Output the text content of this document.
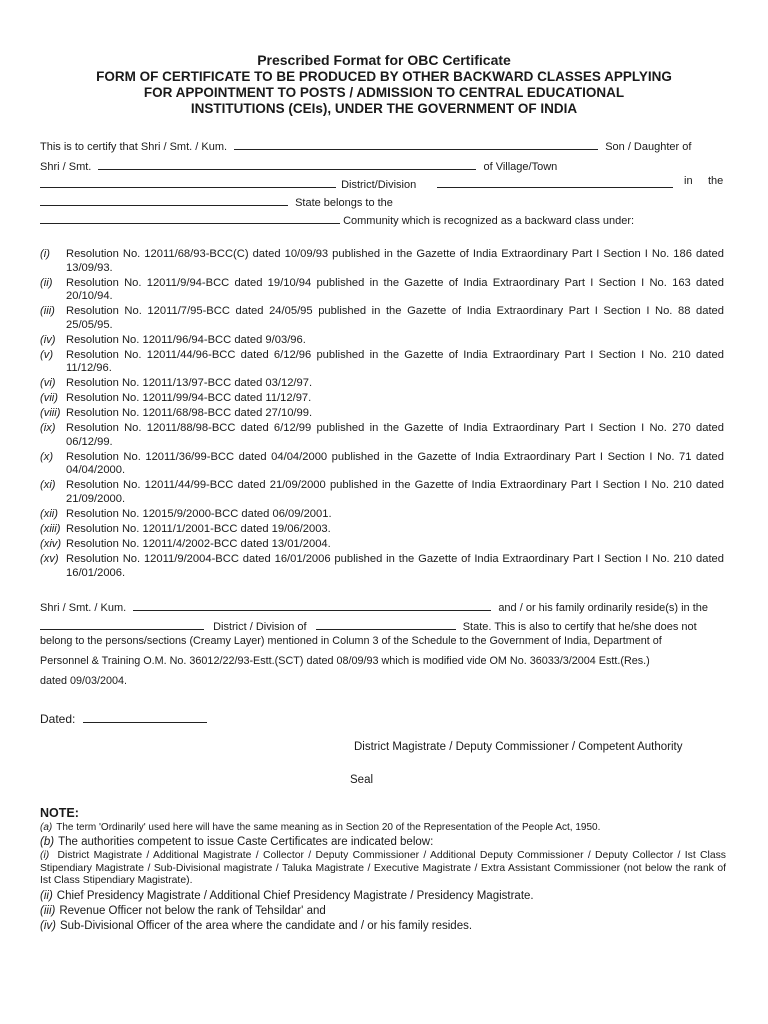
Prescribed Format for OBC Certificate
FORM OF CERTIFICATE TO BE PRODUCED BY OTHER BACKWARD CLASSES APPLYING
FOR APPOINTMENT TO POSTS / ADMISSION TO CENTRAL EDUCATIONAL
INSTITUTIONS (CEIs), UNDER THE GOVERNMENT OF INDIA
This is to certify that Shri / Smt. / Kum.	Son / Daughter of
Shri / Smt.	of Village/Town
District/Division	in the
State belongs to the
Community which is recognized as a backward class under:
(i)	Resolution No. 12011/68/93-BCC(C) dated 10/09/93 published in the Gazette of India Extraordinary Part I Section I No. 186 dated 13/09/93.
(ii)	Resolution No. 12011/9/94-BCC dated 19/10/94 published in the Gazette of India Extraordinary Part I Section I No. 163 dated 20/10/94.
(iii) Resolution No. 12011/7/95-BCC dated 24/05/95 published in the Gazette of India Extraordinary Part I Section I No. 88 dated 25/05/95.
(iv) Resolution No. 12011/96/94-BCC dated 9/03/96.
(v)	Resolution No. 12011/44/96-BCC dated 6/12/96 published in the Gazette of India Extraordinary Part I Section I No. 210 dated 11/12/96.
(vi) Resolution No. 12011/13/97-BCC dated 03/12/97.
(vii) Resolution No. 12011/99/94-BCC dated 11/12/97.
(viii) Resolution No. 12011/68/98-BCC dated 27/10/99.
(ix) Resolution No. 12011/88/98-BCC dated 6/12/99 published in the Gazette of India Extraordinary Part I Section I No. 270 dated 06/12/99.
(x)	Resolution No. 12011/36/99-BCC dated 04/04/2000 published in the Gazette of India Extraordinary Part I Section I No. 71 dated 04/04/2000.
(xi) Resolution No. 12011/44/99-BCC dated 21/09/2000 published in the Gazette of India Extraordinary Part I Section I No. 210 dated 21/09/2000.
(xii) Resolution No. 12015/9/2000-BCC dated 06/09/2001.
(xiii) Resolution No. 12011/1/2001-BCC dated 19/06/2003.
(xiv) Resolution No. 12011/4/2002-BCC dated 13/01/2004.
(xv) Resolution No. 12011/9/2004-BCC dated 16/01/2006 published in the Gazette of India Extraordinary Part I Section I No. 210 dated 16/01/2006.
Shri / Smt. / Kum.	and / or his family ordinarily reside(s) in the
District / Division of	State. This is also to certify that he/she does not
belong to the persons/sections (Creamy Layer) mentioned in Column 3 of the Schedule to the Government of India, Department of
Personnel & Training O.M. No. 36012/22/93-Estt.(SCT) dated 08/09/93 which is modified vide OM No. 36033/3/2004 Estt.(Res.)
dated 09/03/2004.
Dated:
District Magistrate / Deputy Commissioner / Competent Authority
Seal
NOTE:
(a) The term 'Ordinarily' used here will have the same meaning as in Section 20 of the Representation of the People Act, 1950.
(b) The authorities competent to issue Caste Certificates are indicated below:
(i) District Magistrate / Additional Magistrate / Collector / Deputy Commissioner / Additional Deputy Commissioner / Deputy Collector / Ist Class Stipendiary Magistrate / Sub-Divisional magistrate / Taluka Magistrate / Executive Magistrate / Extra Assistant Commissioner (not below the rank of Ist Class Stipendiary Magistrate).
(ii) Chief Presidency Magistrate / Additional Chief Presidency Magistrate / Presidency Magistrate.
(iii) Revenue Officer not below the rank of Tehsildar' and
(iv) Sub-Divisional Officer of the area where the candidate and / or his family resides.
